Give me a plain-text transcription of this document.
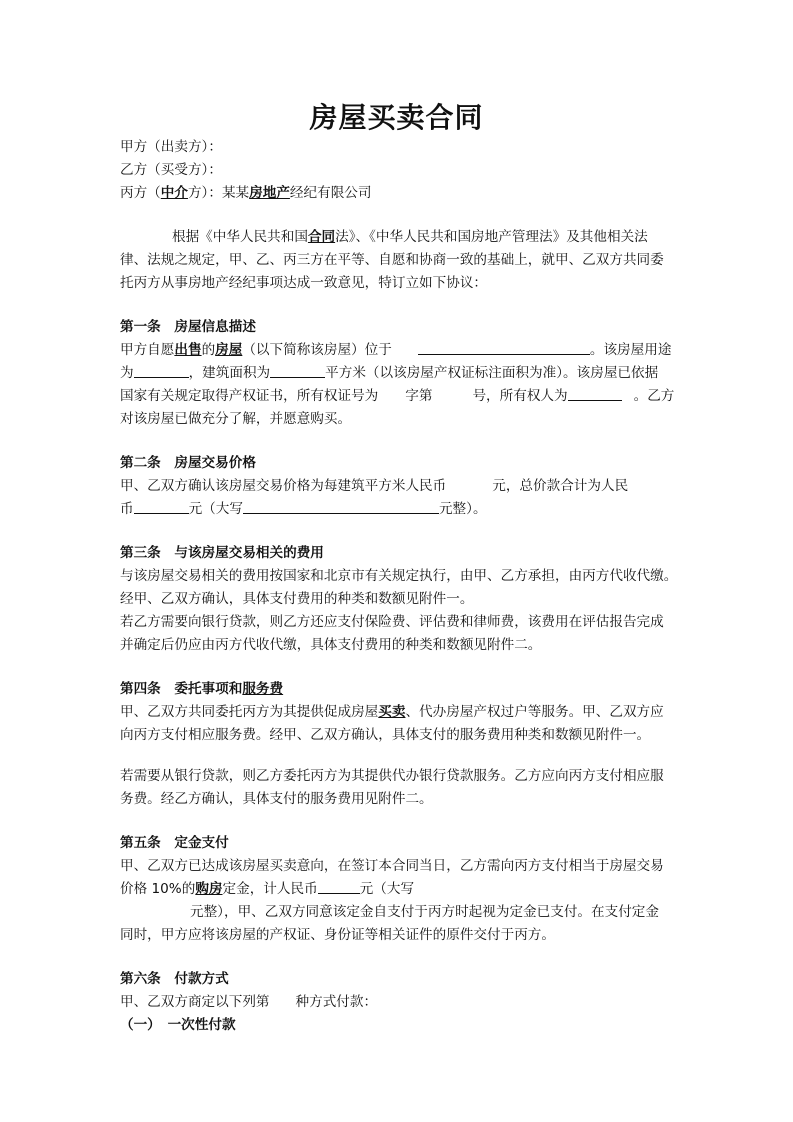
房屋买卖合同
甲方（出卖方）：
乙方（买受方）：
丙方（中介方）：某某房地产经纪有限公司
根据《中华人民共和国合同法》、《中华人民共和国房地产管理法》及其他相关法
律、法规之规定，甲、乙、丙三方在平等、自愿和协商一致的基础上，就甲、乙双方共同委
托丙方从事房地产经纪事项达成一致意见，特订立如下协议：
第一条　房屋信息描述
甲方自愿出售的房屋（以下简称该房屋）位于	。该房屋用途
为	，建筑面积为	平方米（以该房屋产权证标注面积为准）。该房屋已依据
国家有关规定取得产权证书，所有权证号为 字第	号，所有权人为	。乙方
对该房屋已做充分了解，并愿意购买。
第二条　房屋交易价格
甲、乙双方确认该房屋交易价格为每建筑平方米人民币	元，总价款合计为人民
币	元（大写	元整）。
第三条　与该房屋交易相关的费用
与该房屋交易相关的费用按国家和北京市有关规定执行，由甲、乙方承担，由丙方代收代缴。
经甲、乙双方确认，具体支付费用的种类和数额见附件一。
若乙方需要向银行贷款，则乙方还应支付保险费、评估费和律师费，该费用在评估报告完成
并确定后仍应由丙方代收代缴，具体支付费用的种类和数额见附件二。
第四条　委托事项和服务费
甲、乙双方共同委托丙方为其提供促成房屋买卖、代办房屋产权过户等服务。甲、乙双方应
向丙方支付相应服务费。经甲、乙双方确认，具体支付的服务费用种类和数额见附件一。
若需要从银行贷款，则乙方委托丙方为其提供代办银行贷款服务。乙方应向丙方支付相应服
务费。经乙方确认，具体支付的服务费用见附件二。
第五条　定金支付
甲、乙双方已达成该房屋买卖意向，在签订本合同当日，乙方需向丙方支付相当于房屋交易
价格 10%的购房定金，计人民币	元（大写
元整），甲、乙双方同意该定金自支付于丙方时起视为定金已支付。在支付定金
同时，甲方应将该房屋的产权证、身份证等相关证件的原件交付于丙方。
第六条　付款方式
甲、乙双方商定以下列第 种方式付款：
（一）　一次性付款
